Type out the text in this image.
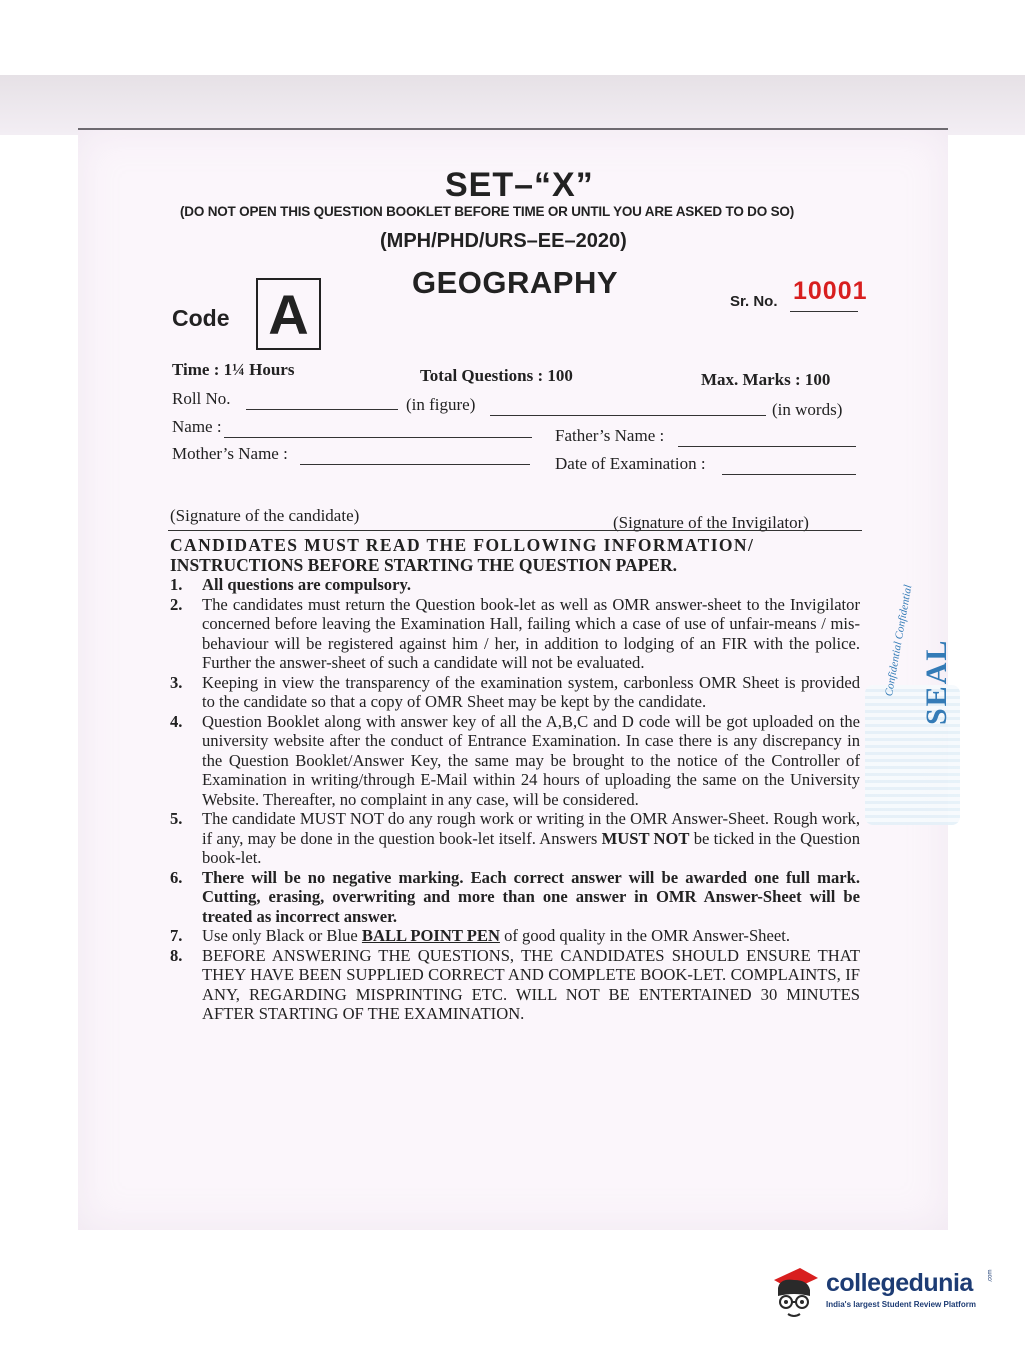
SET–“X”
(DO NOT OPEN THIS QUESTION BOOKLET BEFORE TIME OR UNTIL YOU ARE ASKED TO DO SO)
(MPH/PHD/URS–EE–2020)
GEOGRAPHY
Code A	Sr. No. 10001
Time : 1¼ Hours	Total Questions : 100	Max. Marks : 100
Roll No.	(in figure)	(in words)
Name :	Father’s Name :
Mother’s Name :
Date of Examination :
(Signature of the candidate)	(Signature of the Invigilator)
CANDIDATES MUST READ THE FOLLOWING INFORMATION/
INSTRUCTIONS BEFORE STARTING THE QUESTION PAPER.
1.	All questions are compulsory.
2.	The candidates must return the Question book-let as well as OMR answer-sheet to the Invigilator concerned before leaving the Examination Hall, failing which a case of use of unfair-means / mis-behaviour will be registered against him / her, in addition to lodging of an FIR with the police. Further the answer-sheet of such a candidate will not be evaluated.
3.	Keeping in view the transparency of the examination system, carbonless OMR Sheet is provided to the candidate so that a copy of OMR Sheet may be kept by the candidate.
4.	Question Booklet along with answer key of all the A,B,C and D code will be got uploaded on the university website after the conduct of Entrance Examination. In case there is any discrepancy in the Question Booklet/Answer Key, the same may be brought to the notice of the Controller of Examination in writing/through E-Mail within 24 hours of uploading the same on the University Website. Thereafter, no complaint in any case, will be considered.
5.	The candidate MUST NOT do any rough work or writing in the OMR Answer-Sheet. Rough work, if any, may be done in the question book-let itself. Answers MUST NOT be ticked in the Question book-let.
6.	There will be no negative marking. Each correct answer will be awarded one full mark. Cutting, erasing, overwriting and more than one answer in OMR Answer-Sheet will be treated as incorrect answer.
7.	Use only Black or Blue BALL POINT PEN of good quality in the OMR Answer-Sheet.
8.	BEFORE ANSWERING THE QUESTIONS, THE CANDIDATES SHOULD ENSURE THAT THEY HAVE BEEN SUPPLIED CORRECT AND COMPLETE BOOK-LET. COMPLAINTS, IF ANY, REGARDING MISPRINTING ETC. WILL NOT BE ENTERTAINED 30 MINUTES AFTER STARTING OF THE EXAMINATION.
Confidential Confidential SEAL
collegedunia .com
India's largest Student Review Platform
